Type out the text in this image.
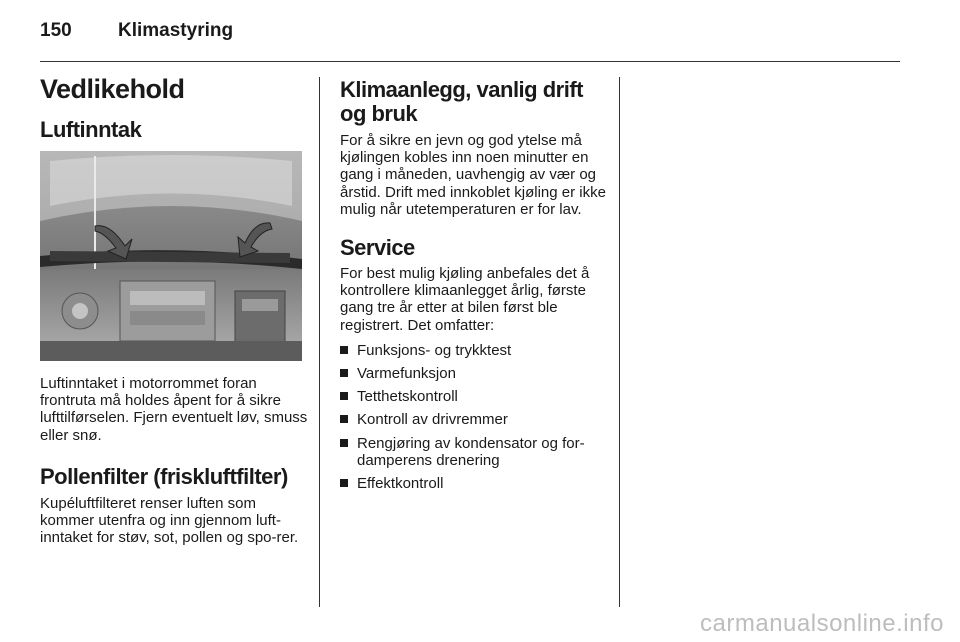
150 Klimastyring
Vedlikehold
Luftinntak

Luftinntaket i motorrommet foran frontruta må holdes åpent for å sikre lufttilførselen. Fjern eventuelt løv, smuss eller snø.

Pollenfilter (friskluftfilter)

Kupéluftfilteret renser luften som kommer utenfra og inn gjennom luft-inntaket for støv, sot, pollen og spo-rer.

Klimaanlegg, vanlig drift og bruk

For å sikre en jevn og god ytelse må kjølingen kobles inn noen minutter en gang i måneden, uavhengig av vær og årstid. Drift med innkoblet kjøling er ikke mulig når utetemperaturen er for lav.

Service

For best mulig kjøling anbefales det å kontrollere klimaanlegget årlig, første gang tre år etter at bilen først ble registrert. Det omfatter:

Funksjons- og trykktest
Varmefunksjon
Tetthetskontroll
Kontroll av drivremmer
Rengjøring av kondensator og for-damperens drenering
Effektkontroll
carmanualsonline.info
